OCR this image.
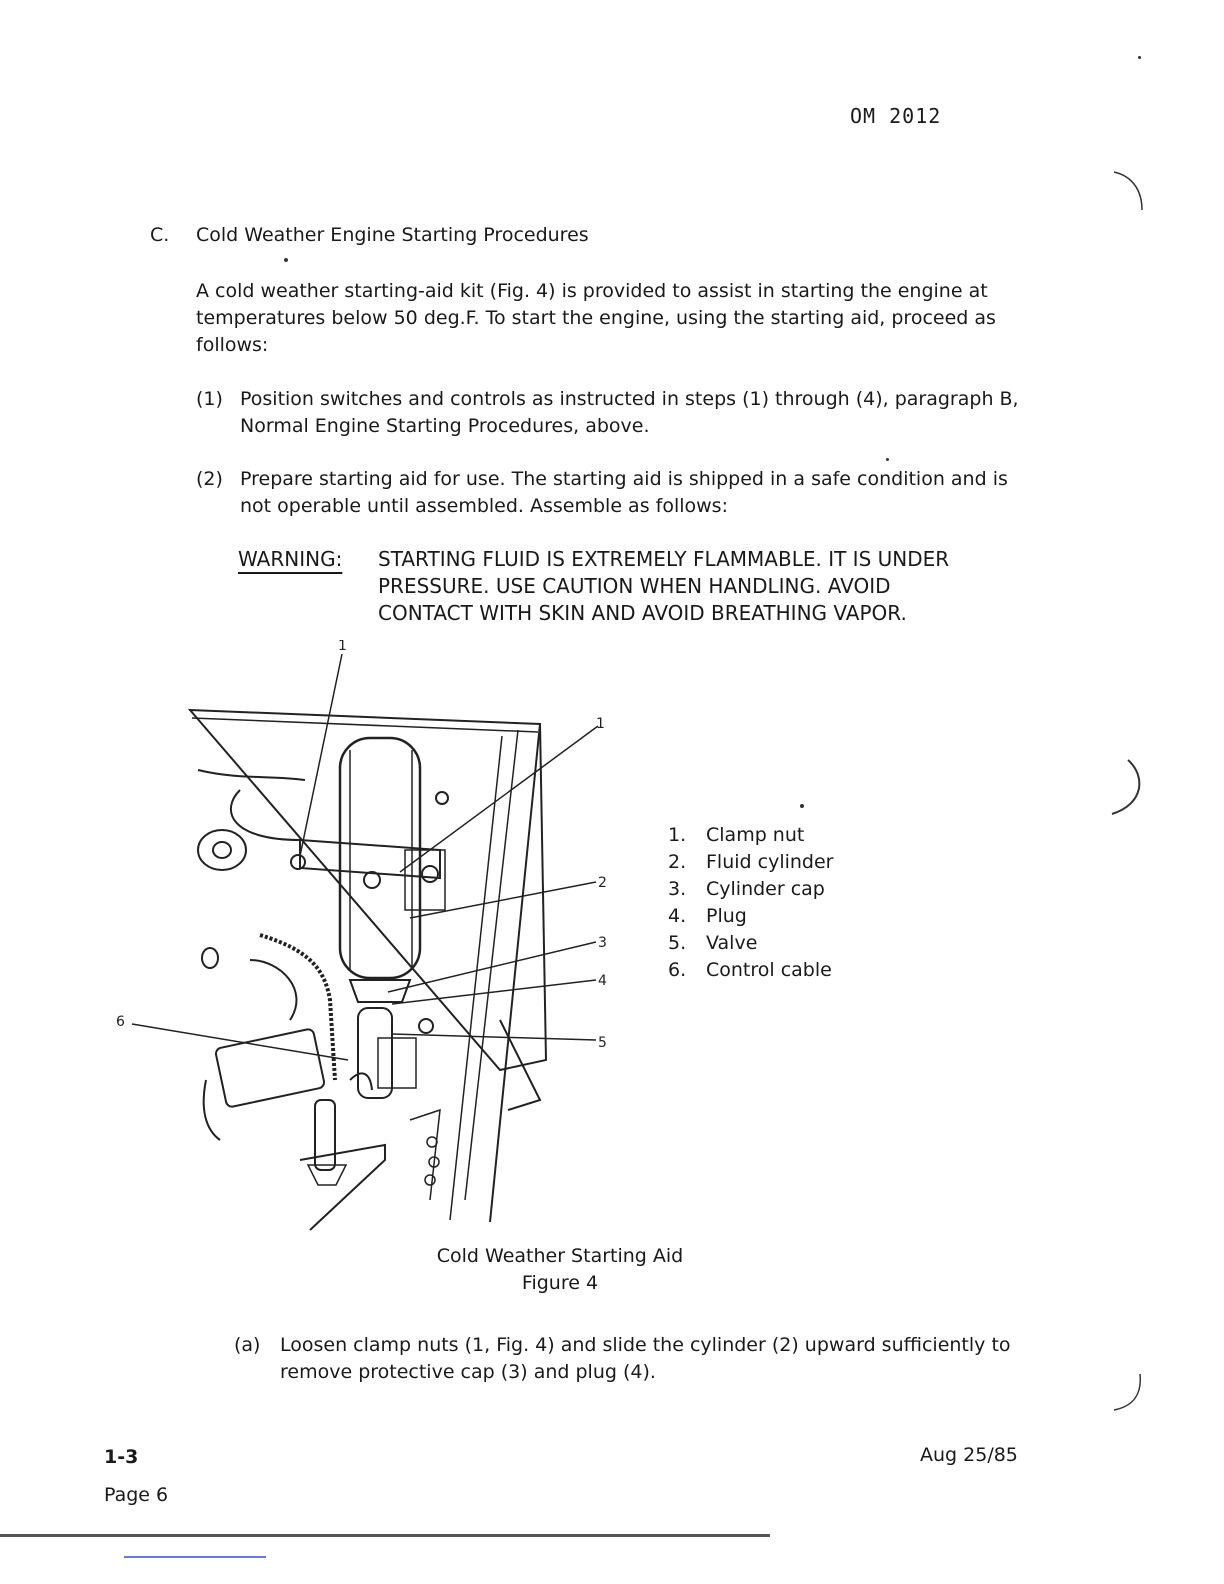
OM 2012
C. Cold Weather Engine Starting Procedures
A cold weather starting-aid kit (Fig. 4) is provided to assist in starting the engine at temperatures below 50 deg.F. To start the engine, using the starting aid, proceed as follows:
(1) Position switches and controls as instructed in steps (1) through (4), paragraph B, Normal Engine Starting Procedures, above.
(2) Prepare starting aid for use. The starting aid is shipped in a safe condition and is not operable until assembled. Assemble as follows:
WARNING: STARTING FLUID IS EXTREMELY FLAMMABLE. IT IS UNDER PRESSURE. USE CAUTION WHEN HANDLING. AVOID CONTACT WITH SKIN AND AVOID BREATHING VAPOR.
1
1
2
3
4
5
6
1. Clamp nut
2. Fluid cylinder
3. Cylinder cap
4. Plug
5. Valve
6. Control cable
Cold Weather Starting Aid
Figure 4
(a) Loosen clamp nuts (1, Fig. 4) and slide the cylinder (2) upward sufficiently to remove protective cap (3) and plug (4).
1-3
Page 6
Aug 25/85
